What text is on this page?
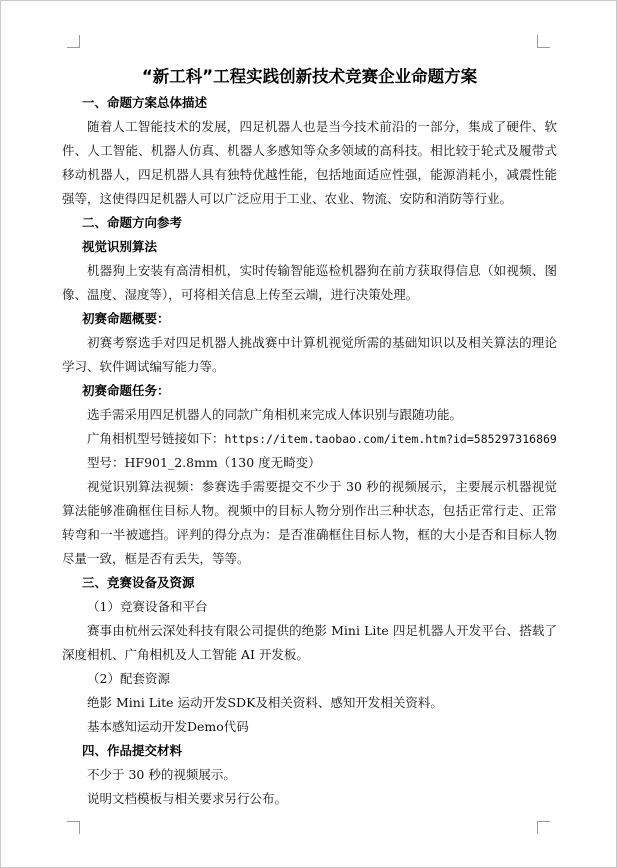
“新工科”工程实践创新技术竞赛企业命题方案
一、命题方案总体描述

随着人工智能技术的发展，四足机器人也是当今技术前沿的一部分，集成了硬件、软件、人工智能、机器人仿真、机器人多感知等众多领域的高科技。相比较于轮式及履带式移动机器人，四足机器人具有独特优越性能，包括地面适应性强，能源消耗小，减震性能强等，这使得四足机器人可以广泛应用于工业、农业、物流、安防和消防等行业。

二、命题方向参考
视觉识别算法

机器狗上安装有高清相机，实时传输智能巡检机器狗在前方获取得信息（如视频、图像、温度、湿度等），可将相关信息上传至云端，进行决策处理。

初赛命题概要：

初赛考察选手对四足机器人挑战赛中计算机视觉所需的基础知识以及相关算法的理论学习、软件调试编写能力等。

初赛命题任务：

选手需采用四足机器人的同款广角相机来完成人体识别与跟随功能。

广角相机型号链接如下：https://item.taobao.com/item.htm?id=585297316869

型号：HF901_2.8mm（130 度无畸变）

视觉识别算法视频：参赛选手需要提交不少于 30 秒的视频展示，主要展示机器视觉算法能够准确框住目标人物。视频中的目标人物分别作出三种状态，包括正常行走、正常转弯和一半被遮挡。评判的得分点为：是否准确框住目标人物，框的大小是否和目标人物尽量一致，框是否有丢失，等等。

三、竞赛设备及资源

（1）竞赛设备和平台

赛事由杭州云深处科技有限公司提供的绝影 Mini Lite 四足机器人开发平台、搭载了深度相机、广角相机及人工智能 AI 开发板。

（2）配套资源

绝影 Mini Lite 运动开发SDK及相关资料、感知开发相关资料。

基本感知运动开发Demo代码

四、作品提交材料

不少于 30 秒的视频展示。

说明文档模板与相关要求另行公布。
